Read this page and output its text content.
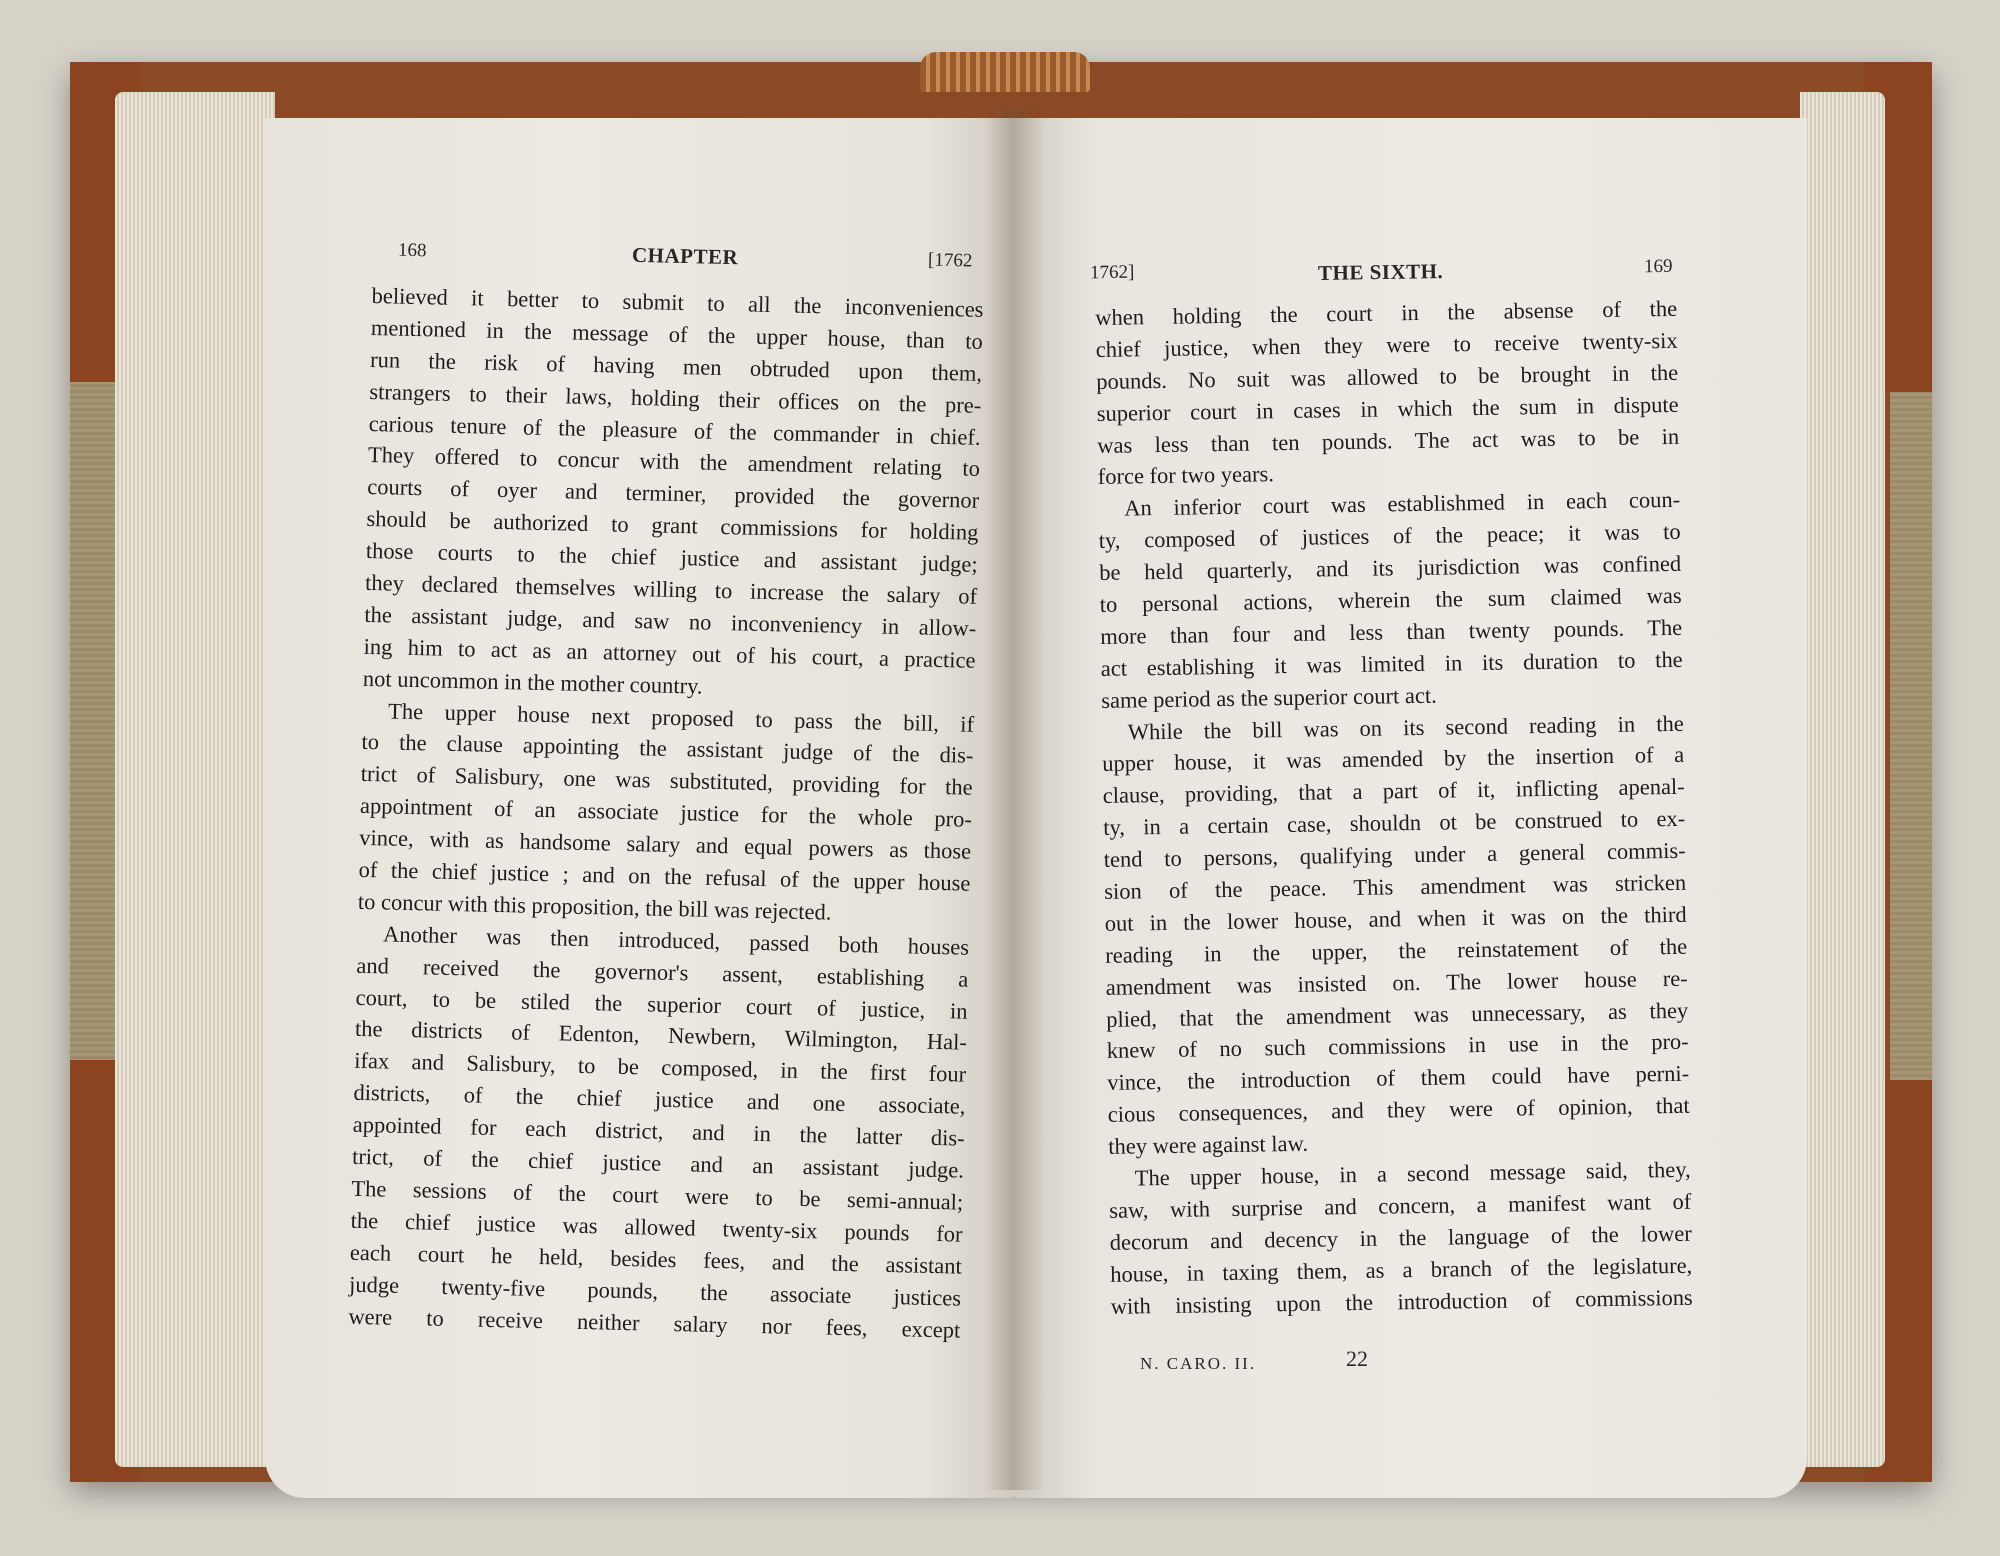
168	CHAPTER	[1762
believed it better to submit to all the inconveniences
mentioned in the message of the upper house, than to
run the risk of having men obtruded upon them,
strangers to their laws, holding their offices on the pre-
carious tenure of the pleasure of the commander in chief.
They offered to concur with the amendment relating to
courts of oyer and terminer, provided the governor
should be authorized to grant commissions for holding
those courts to the chief justice and assistant judge;
they declared themselves willing to increase the salary of
the assistant judge, and saw no inconveniency in allow-
ing him to act as an attorney out of his court, a practice
not uncommon in the mother country.
The upper house next proposed to pass the bill, if
to the clause appointing the assistant judge of the dis-
trict of Salisbury, one was substituted, providing for the
appointment of an associate justice for the whole pro-
vince, with as handsome salary and equal powers as those
of the chief justice ; and on the refusal of the upper house
to concur with this proposition, the bill was rejected.
Another was then introduced, passed both houses
and received the governor's assent, establishing a
court, to be stiled the superior court of justice, in
the districts of Edenton, Newbern, Wilmington, Hal-
ifax and Salisbury, to be composed, in the first four
districts, of the chief justice and one associate,
appointed for each district, and in the latter dis-
trict, of the chief justice and an assistant judge.
The sessions of the court were to be semi-annual;
the chief justice was allowed twenty-six pounds for
each court he held, besides fees, and the assistant
judge twenty-five pounds, the associate justices
were to receive neither salary nor fees, except
1762]	THE SIXTH.	169
when holding the court in the absense of the
chief justice, when they were to receive twenty-six
pounds. No suit was allowed to be brought in the
superior court in cases in which the sum in dispute
was less than ten pounds. The act was to be in
force for two years.
An inferior court was establishmed in each coun-
ty, composed of justices of the peace; it was to
be held quarterly, and its jurisdiction was confined
to personal actions, wherein the sum claimed was
more than four and less than twenty pounds. The
act establishing it was limited in its duration to the
same period as the superior court act.
While the bill was on its second reading in the
upper house, it was amended by the insertion of a
clause, providing, that a part of it, inflicting apenal-
ty, in a certain case, shouldn ot be construed to ex-
tend to persons, qualifying under a general commis-
sion of the peace. This amendment was stricken
out in the lower house, and when it was on the third
reading in the upper, the reinstatement of the
amendment was insisted on. The lower house re-
plied, that the amendment was unnecessary, as they
knew of no such commissions in use in the pro-
vince, the introduction of them could have perni-
cious consequences, and they were of opinion, that
they were against law.
The upper house, in a second message said, they,
saw, with surprise and concern, a manifest want of
decorum and decency in the language of the lower
house, in taxing them, as a branch of the legislature,
with insisting upon the introduction of commissions
N. CARO. II.	22
